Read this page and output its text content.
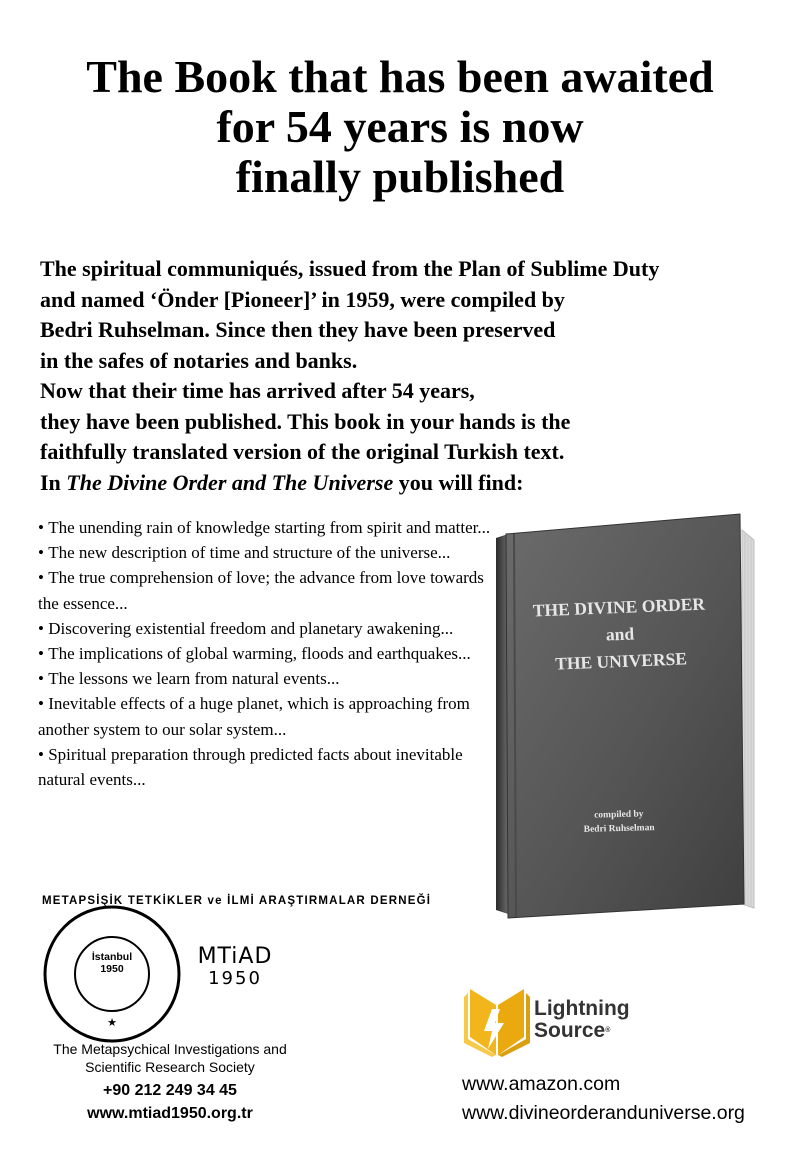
The Book that has been awaited
for 54 years is now
finally published

The spiritual communiqués, issued from the Plan of Sublime Duty
and named ‘Önder [Pioneer]’ in 1959, were compiled by
Bedri Ruhselman. Since then they have been preserved
in the safes of notaries and banks.
Now that their time has arrived after 54 years,
they have been published. This book in your hands is the
faithfully translated version of the original Turkish text.
In The Divine Order and The Universe you will find:

• The unending rain of knowledge starting from spirit and matter...
• The new description of time and structure of the universe...
• The true comprehension of love; the advance from love towards the essence...
• Discovering existential freedom and planetary awakening...
• The implications of global warming, floods and earthquakes...
• The lessons we learn from natural events...
• Inevitable effects of a huge planet, which is approaching from another system to our solar system...
• Spiritual preparation through predicted facts about inevitable natural events...
THE DIVINE ORDER
and
THE UNIVERSE
compiled by
Bedri Ruhselman
METAPSİŞİK TETKİKLER ve İLMİ ARAŞTIRMALAR DERNEĞİ
★
İstanbul
1950	MTiAD
1950
The Metapsychical Investigations and
Scientific Research Society
+90 212 249 34 45
www.mtiad1950.org.tr
Lightning
Source®
www.amazon.com
www.divineorderanduniverse.org
